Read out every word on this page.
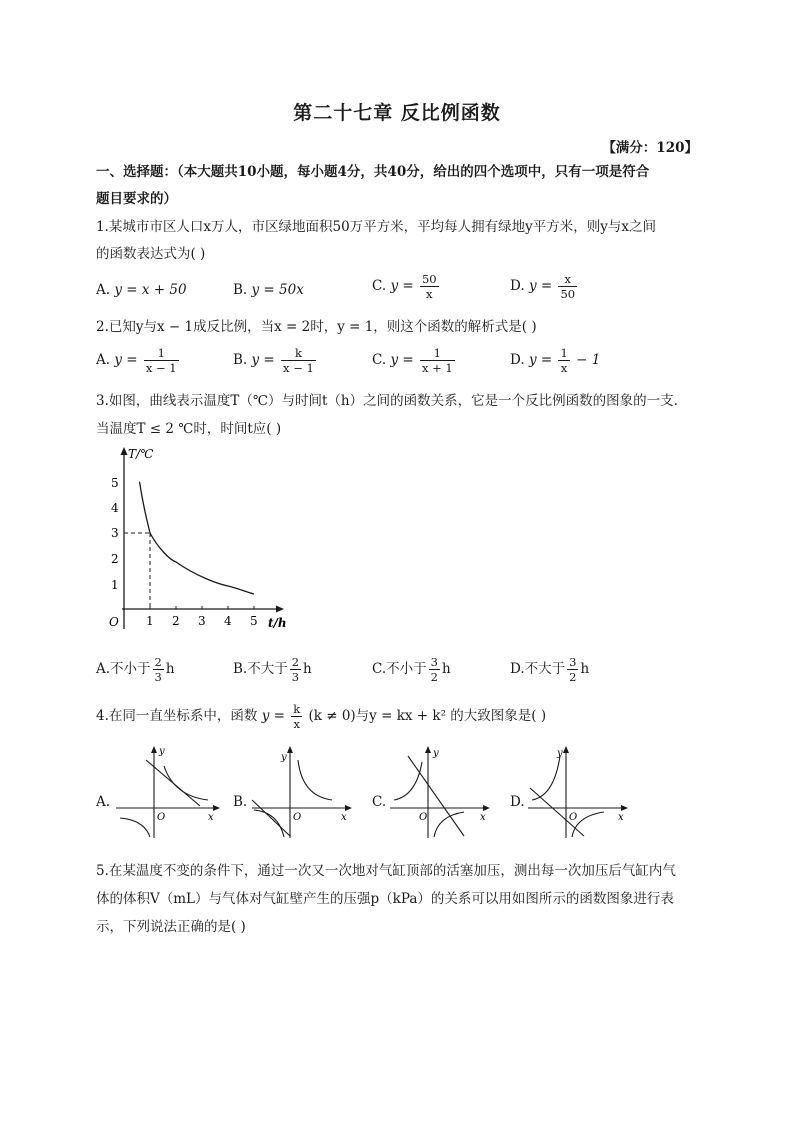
第二十七章 反比例函数
【满分：120】
一、选择题：（本大题共10小题，每小题4分，共40分，给出的四个选项中，只有一项是符合
题目要求的）
1.某城市市区人口x万人，市区绿地面积50万平方米，平均每人拥有绿地y平方米，则y与x之间
的函数表达式为( )
A. y = x + 50	B. y = 50x	C. $y = \frac{50}{x}$	D. $y = \frac{x}{50}$
2.已知y与x − 1成反比例，当x = 2时，y = 1，则这个函数的解析式是( )
A. $y = \frac{1}{x - 1}$	B. $y = \frac{k}{x - 1}$	C. $y = \frac{1}{x + 1}$	D. $y = \frac{1}{x} - 1$
3.如图，曲线表示温度T（℃）与时间t（h）之间的函数关系，它是一个反比例函数的图象的一支.
当温度T ≤ 2 ℃时，时间t应( )
T/℃
t/h
O 1 2 3 4 5
1
2
3
4
5
A.不小于 $\frac{2}{3}$ h	B.不大于 $\frac{2}{3}$ h	C.不小于 $\frac{3}{2}$ h	D.不大于 $\frac{3}{2}$ h
4.在同一直坐标系中，函数 $y = \frac{k}{x} (k \ne 0)$与y = kx + k² 的大致图象是( )
A.
y
x
O
B.
y
x
O
C.
y
x
O
D.
y
x
O
5.在某温度不变的条件下，通过一次又一次地对气缸顶部的活塞加压，测出每一次加压后气缸内气
体的体积V（mL）与气体对气缸壁产生的压强p（kPa）的关系可以用如图所示的函数图象进行表
示，下列说法正确的是( )
